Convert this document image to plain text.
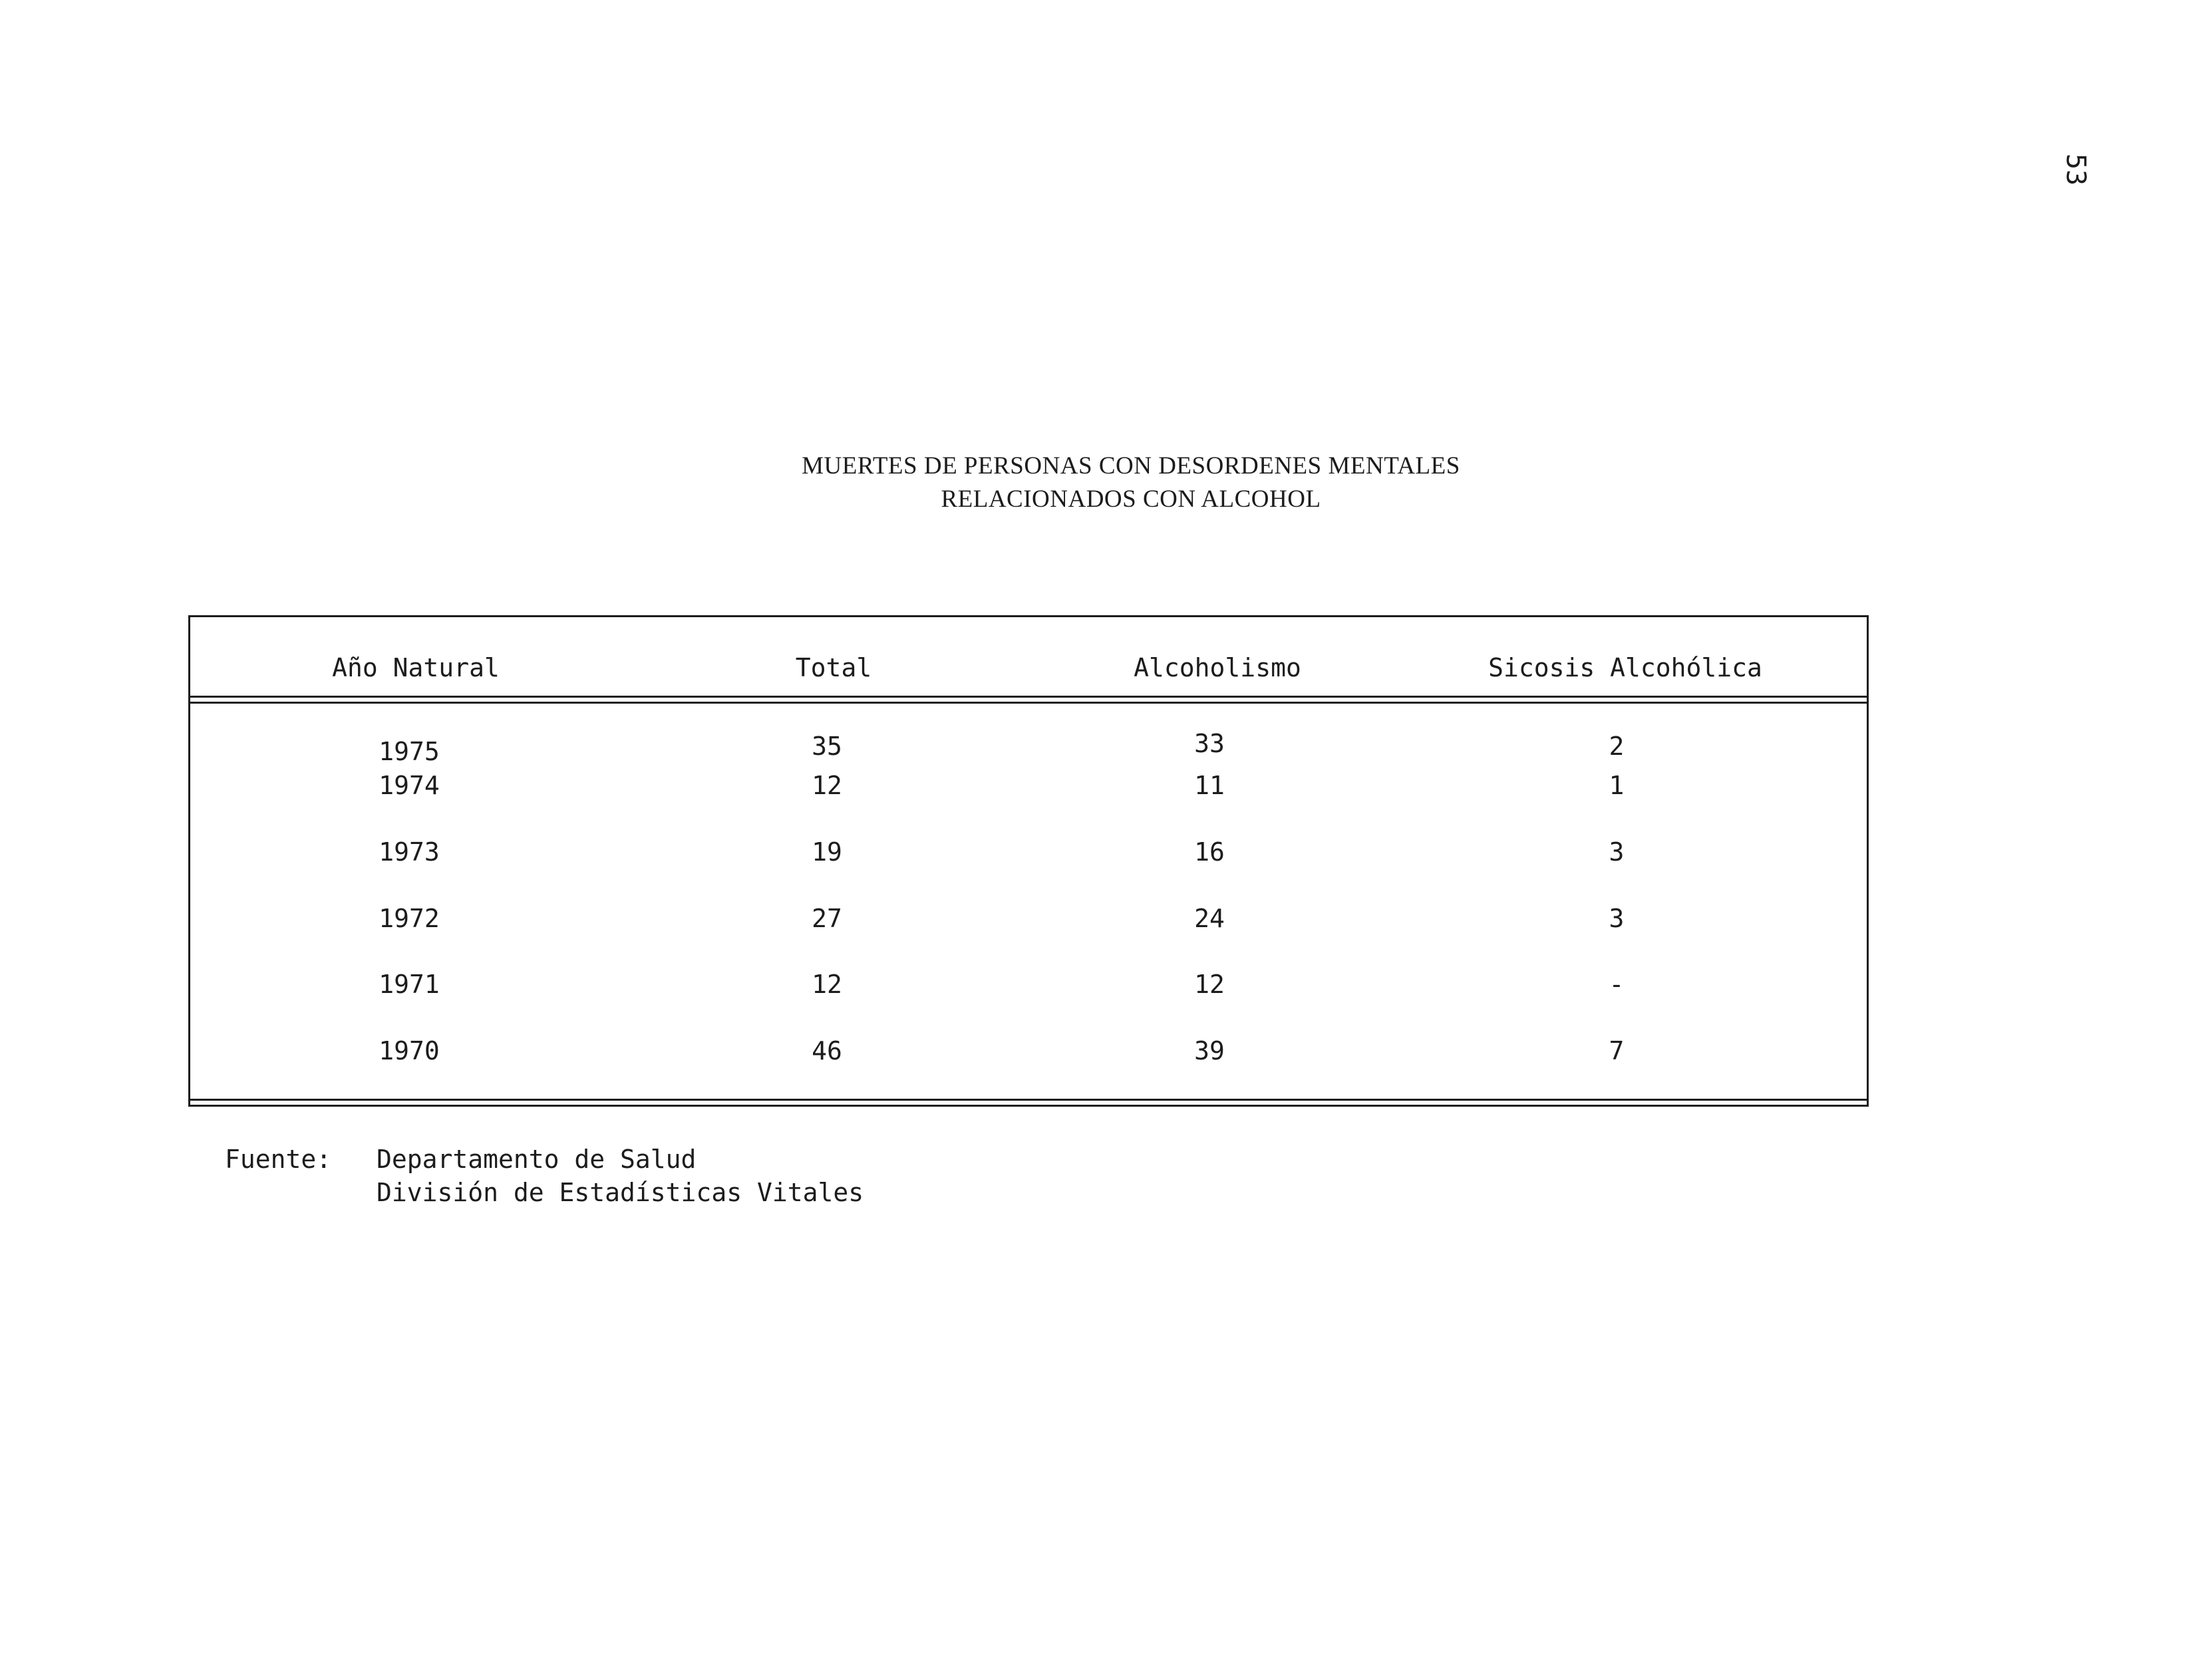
53
MUERTES DE PERSONAS CON DESORDENES MENTALES
RELACIONADOS CON ALCOHOL
Año Natural	Total	Alcoholismo	Sicosis Alcohólica
1975	35	33	2
1974	12	11	1
1973	19	16	3
1972	27	24	3
1971	12	12	-
1970	46	39	7
Fuente: Departamento de Salud
División de Estadísticas Vitales
